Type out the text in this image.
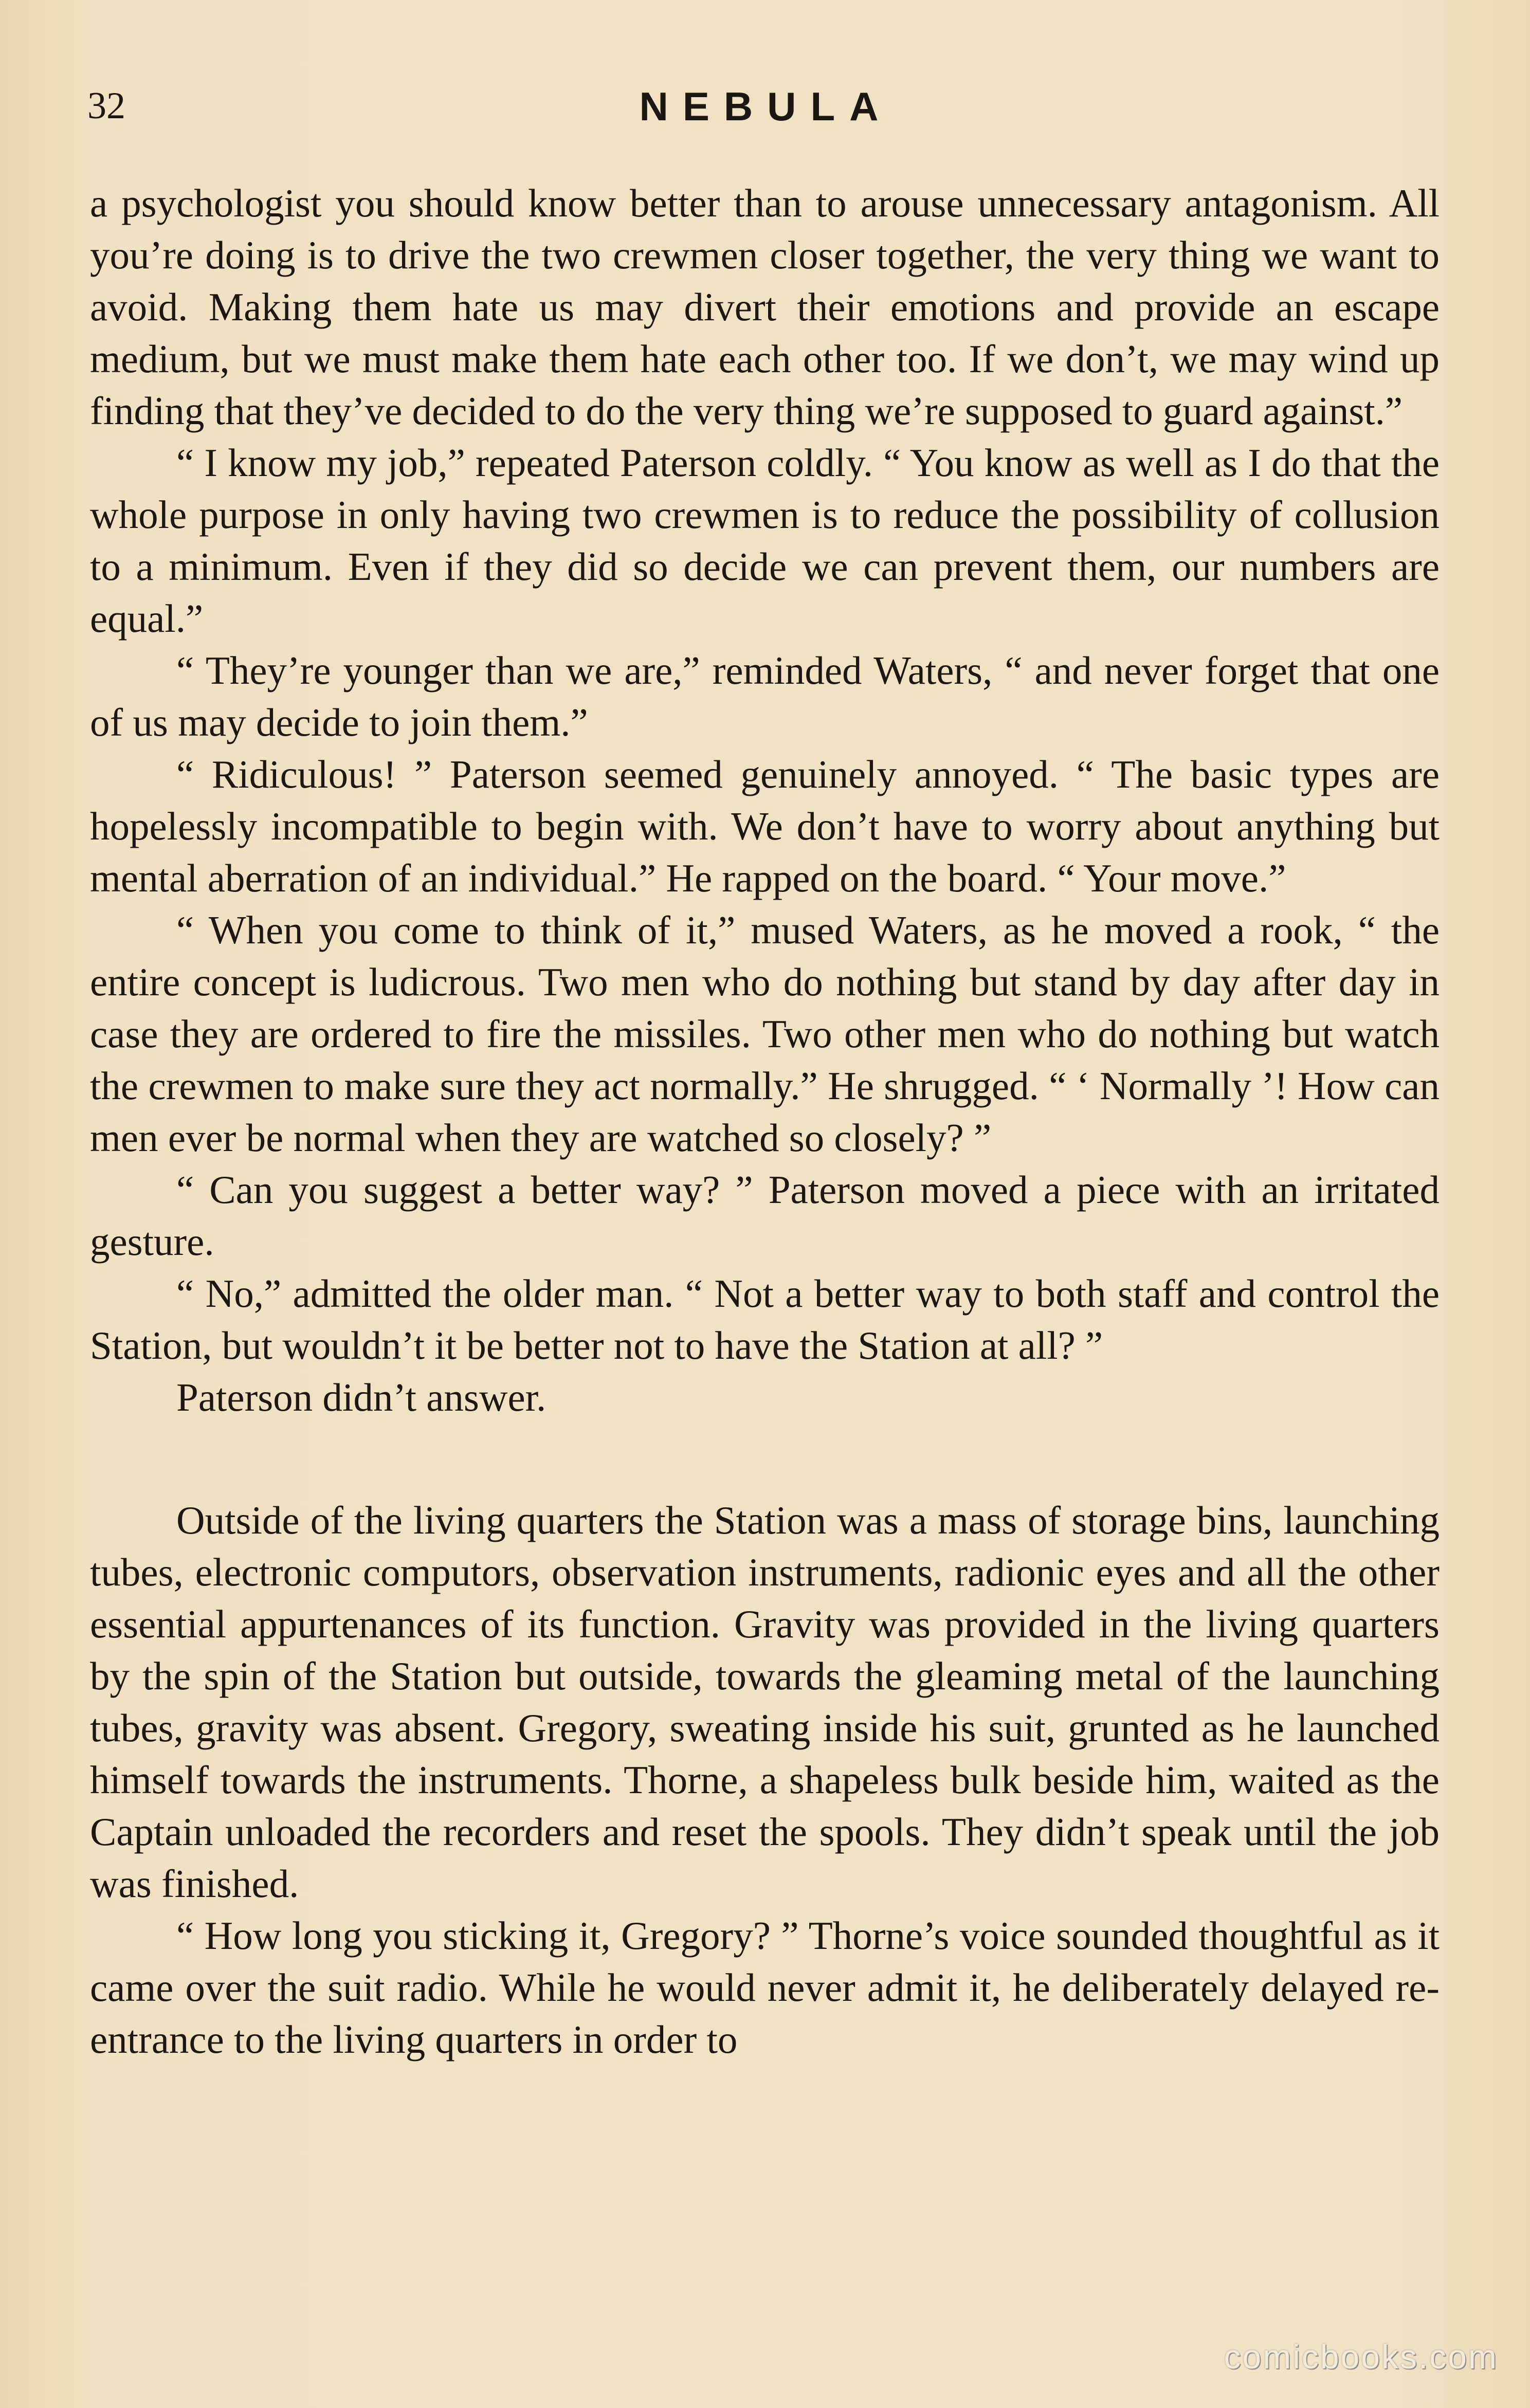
32	NEBULA

a psychologist you should know better than to arouse unnecessary antagonism. All you’re doing is to drive the two crewmen closer together, the very thing we want to avoid. Making them hate us may divert their emotions and provide an escape medium, but we must make them hate each other too. If we don’t, we may wind up finding that they’ve decided to do the very thing we’re supposed to guard against.”

“ I know my job,” repeated Paterson coldly. “ You know as well as I do that the whole purpose in only having two crewmen is to reduce the possibility of collusion to a minimum. Even if they did so decide we can prevent them, our numbers are equal.”

“ They’re younger than we are,” reminded Waters, “ and never forget that one of us may decide to join them.”

“ Ridiculous! ” Paterson seemed genuinely annoyed. “ The basic types are hopelessly incompatible to begin with. We don’t have to worry about anything but mental aberration of an individual.” He rapped on the board. “ Your move.”

“ When you come to think of it,” mused Waters, as he moved a rook, “ the entire concept is ludicrous. Two men who do nothing but stand by day after day in case they are ordered to fire the missiles. Two other men who do nothing but watch the crewmen to make sure they act normally.” He shrugged. “ ‘ Normally ’! How can men ever be normal when they are watched so closely? ”

“ Can you suggest a better way? ” Paterson moved a piece with an irritated gesture.

“ No,” admitted the older man. “ Not a better way to both staff and control the Station, but wouldn’t it be better not to have the Station at all? ”

Paterson didn’t answer.

Outside of the living quarters the Station was a mass of storage bins, launching tubes, electronic computors, observation instruments, radionic eyes and all the other essential appurtenances of its function. Gravity was provided in the living quarters by the spin of the Station but outside, towards the gleaming metal of the launching tubes, gravity was absent. Gregory, sweating inside his suit, grunted as he launched himself towards the instruments. Thorne, a shapeless bulk beside him, waited as the Captain unloaded the recorders and reset the spools. They didn’t speak until the job was finished.

“ How long you sticking it, Gregory? ” Thorne’s voice sounded thoughtful as it came over the suit radio. While he would never admit it, he deliberately delayed re-entrance to the living quarters in order to

comicbooks.com
